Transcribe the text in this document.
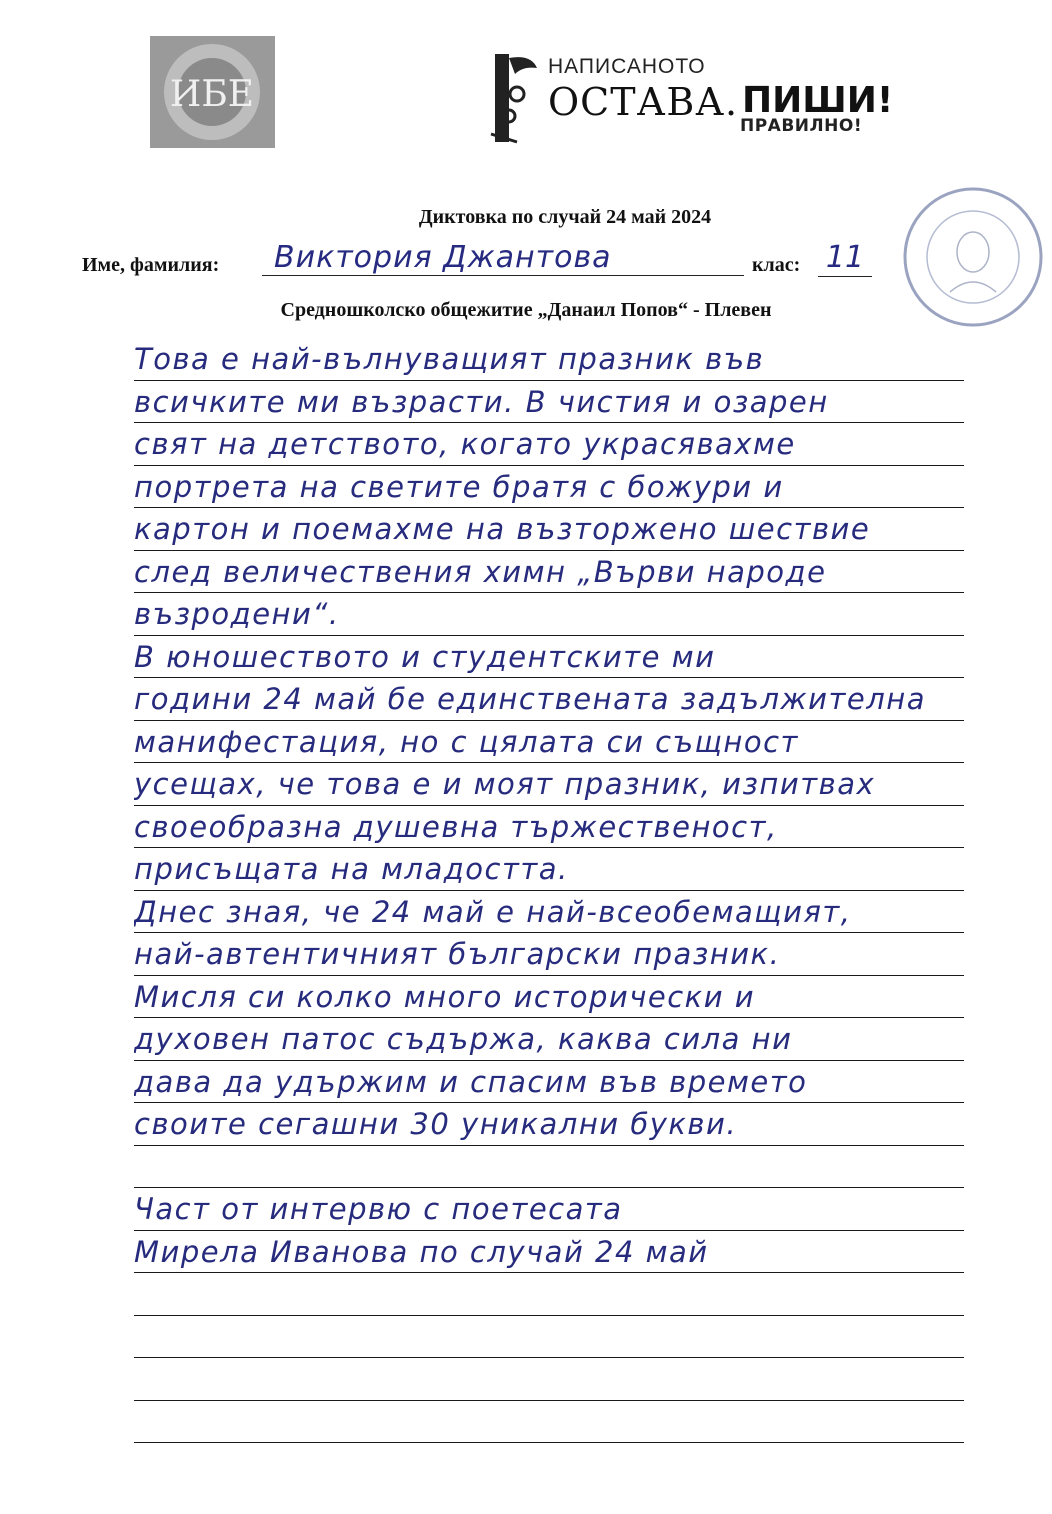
ИБЕ
НАПИСАНОТО
ОСТАВА. ПИШИ!
ПРАВИЛНО!
Диктовка по случай 24 май 2024
Име, фамилия:	Виктория Джантова	клас: 11
Средношколско общежитие „Данаил Попов“ - Плевен
Това е най-вълнуващият празник във
всичките ми възрасти. В чистия и озарен
свят на детството, когато украсявахме
портрета на светите братя с божури и
картон и поемахме на възторжено шествие
след величествения химн „Върви народе
възродени“.
В юношеството и студентските ми
години 24 май бе единствената задължителна
манифестация, но с цялата си същност
усещах, че това е и моят празник, изпитвах
своеобразна душевна тържественост,
присъщата на младостта.
Днес зная, че 24 май е най-всеобемащият,
най-автентичният български празник.
Мисля си колко много исторически и
духовен патос съдържа, каква сила ни
дава да удържим и спасим във времето
своите сегашни 30 уникални букви.
Част от интервю с поетесата
Мирела Иванова по случай 24 май
